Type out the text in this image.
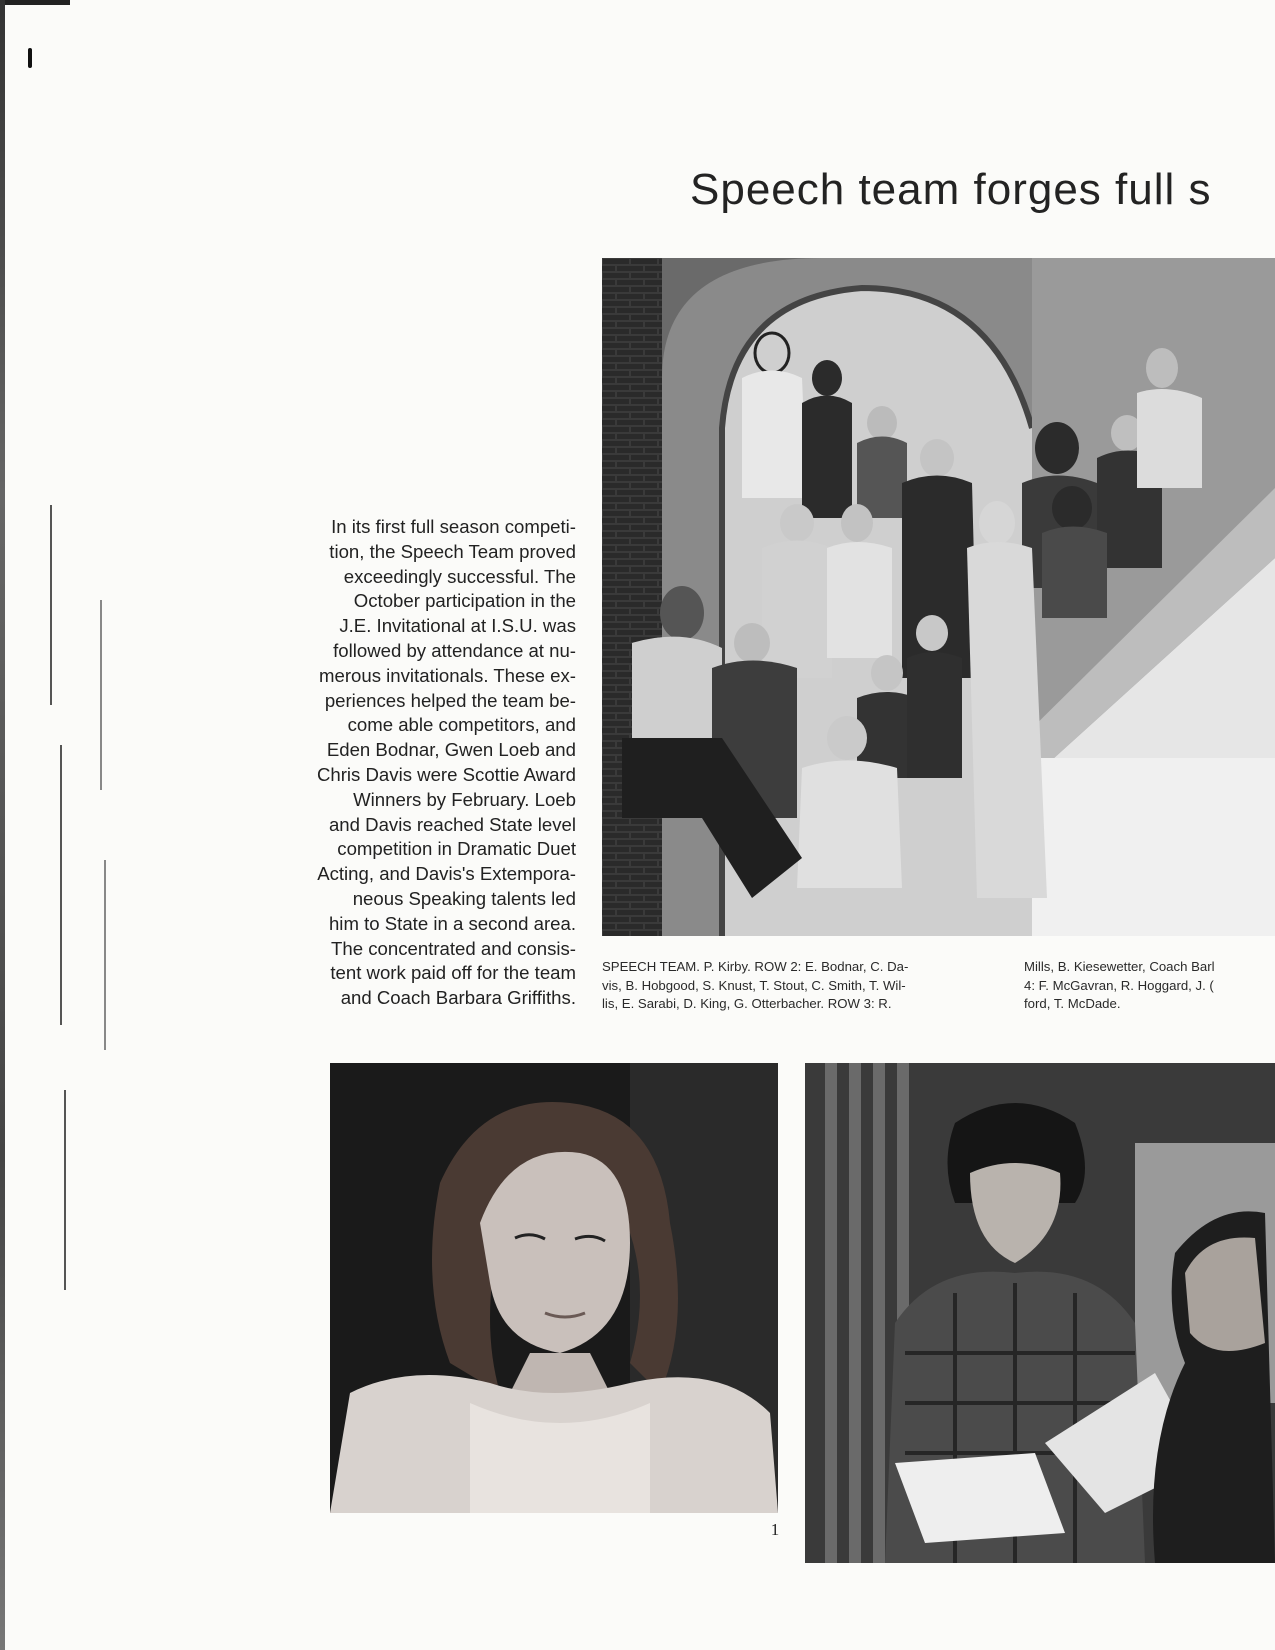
Speech team forges full s

In its first full season competi-
tion, the Speech Team proved
exceedingly successful. The
October participation in the
J.E. Invitational at I.S.U. was
followed by attendance at nu-
merous invitationals. These ex-
periences helped the team be-
come able competitors, and
Eden Bodnar, Gwen Loeb and
Chris Davis were Scottie Award
Winners by February. Loeb
and Davis reached State level
competition in Dramatic Duet
Acting, and Davis's Extempora-
neous Speaking talents led
him to State in a second area.
The concentrated and consis-
tent work paid off for the team
and Coach Barbara Griffiths.

SPEECH TEAM. P. Kirby. ROW 2: E. Bodnar, C. Da-
vis, B. Hobgood, S. Knust, T. Stout, C. Smith, T. Wil-
lis, E. Sarabi, D. King, G. Otterbacher. ROW 3: R.

Mills, B. Kiesewetter, Coach Barl
4: F. McGavran, R. Hoggard, J. (
ford, T. McDade.

1
